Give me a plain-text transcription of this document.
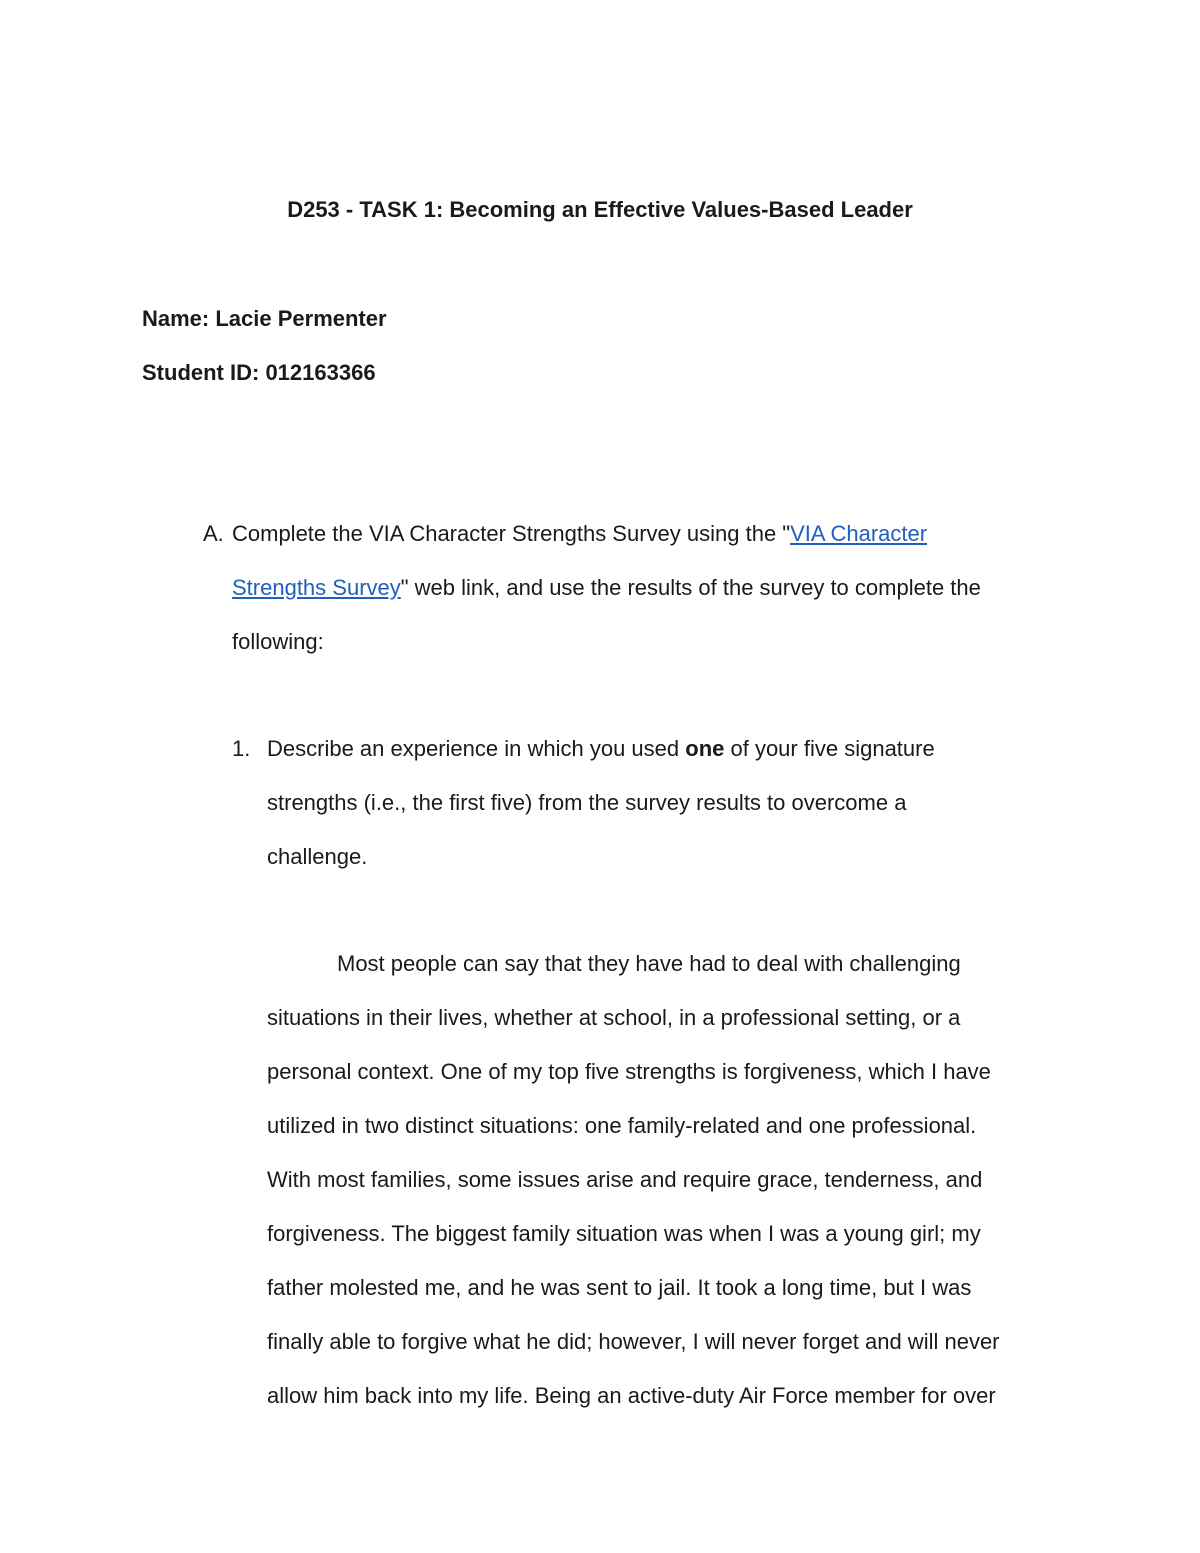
D253 - TASK 1: Becoming an Effective Values-Based Leader
Name: Lacie Permenter
Student ID: 012163366
A. Complete the VIA Character Strengths Survey using the "VIA Character
Strengths Survey" web link, and use the results of the survey to complete the
following:
1. Describe an experience in which you used one of your five signature
strengths (i.e., the first five) from the survey results to overcome a
challenge.
Most people can say that they have had to deal with challenging
situations in their lives, whether at school, in a professional setting, or a
personal context. One of my top five strengths is forgiveness, which I have
utilized in two distinct situations: one family-related and one professional.
With most families, some issues arise and require grace, tenderness, and
forgiveness. The biggest family situation was when I was a young girl; my
father molested me, and he was sent to jail. It took a long time, but I was
finally able to forgive what he did; however, I will never forget and will never
allow him back into my life. Being an active-duty Air Force member for over
